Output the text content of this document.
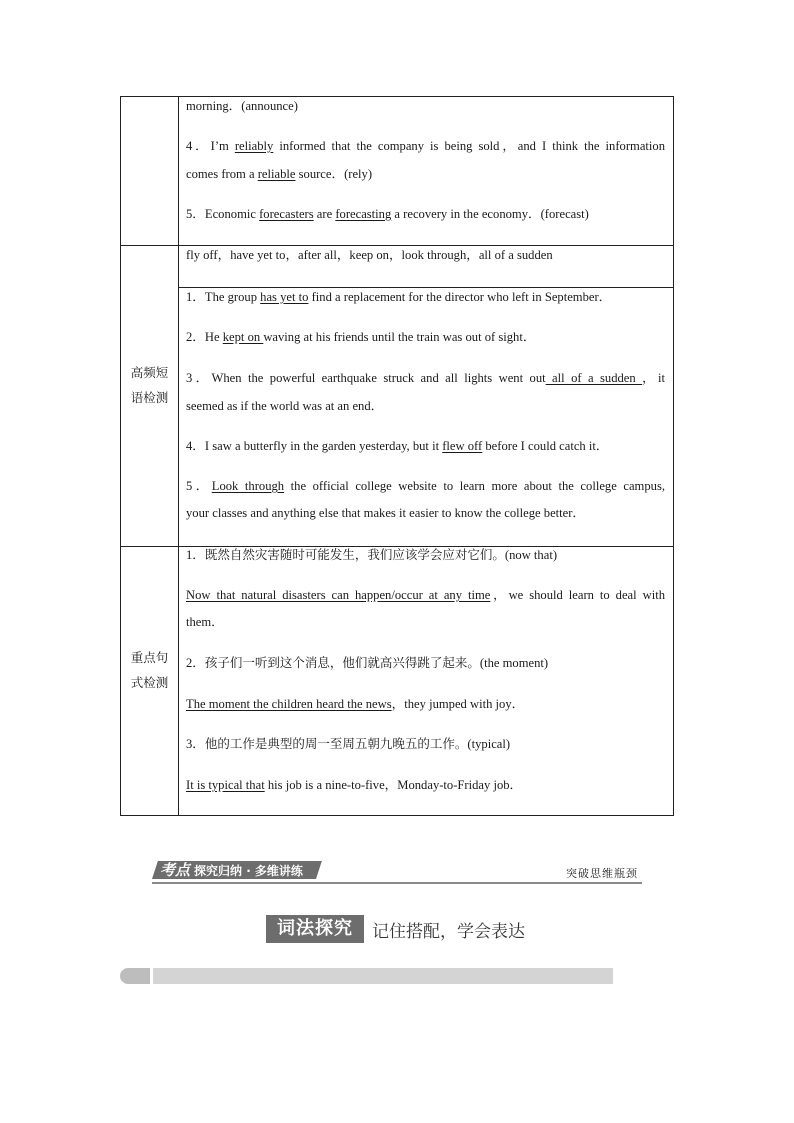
高频短
语检测
重点句
式检测
morning．(announce)
4．I’m reliably informed that the company is being sold，and I think the information
comes from a reliable source．(rely)
5．Economic forecasters are forecasting a recovery in the economy．(forecast)
fly off，have yet to，after all，keep on，look through，all of a sudden
1．The group has yet to find a replacement for the director who left in September．
2．He kept on waving at his friends until the train was out of sight．
3．When the powerful earthquake struck and all lights went out all of a sudden ，it
seemed as if the world was at an end．
4．I saw a butterfly in the garden yesterday, but it flew off before I could catch it．
5．Look through the official college website to learn more about the college campus,
your classes and anything else that makes it easier to know the college better．
1．既然自然灾害随时可能发生，我们应该学会应对它们。(now that)
Now that natural disasters can happen/occur at any time，we should learn to deal with
them．
2．孩子们一听到这个消息，他们就高兴得跳了起来。(the moment)
The moment the children heard the news，they jumped with joy．
3．他的工作是典型的周一至周五朝九晚五的工作。(typical)
It is typical that his job is a nine-to-five，Monday-to-Friday job．
考点 探究归纳 · 多维讲练	突破思维瓶颈
词法探究	记住搭配，学会表达
